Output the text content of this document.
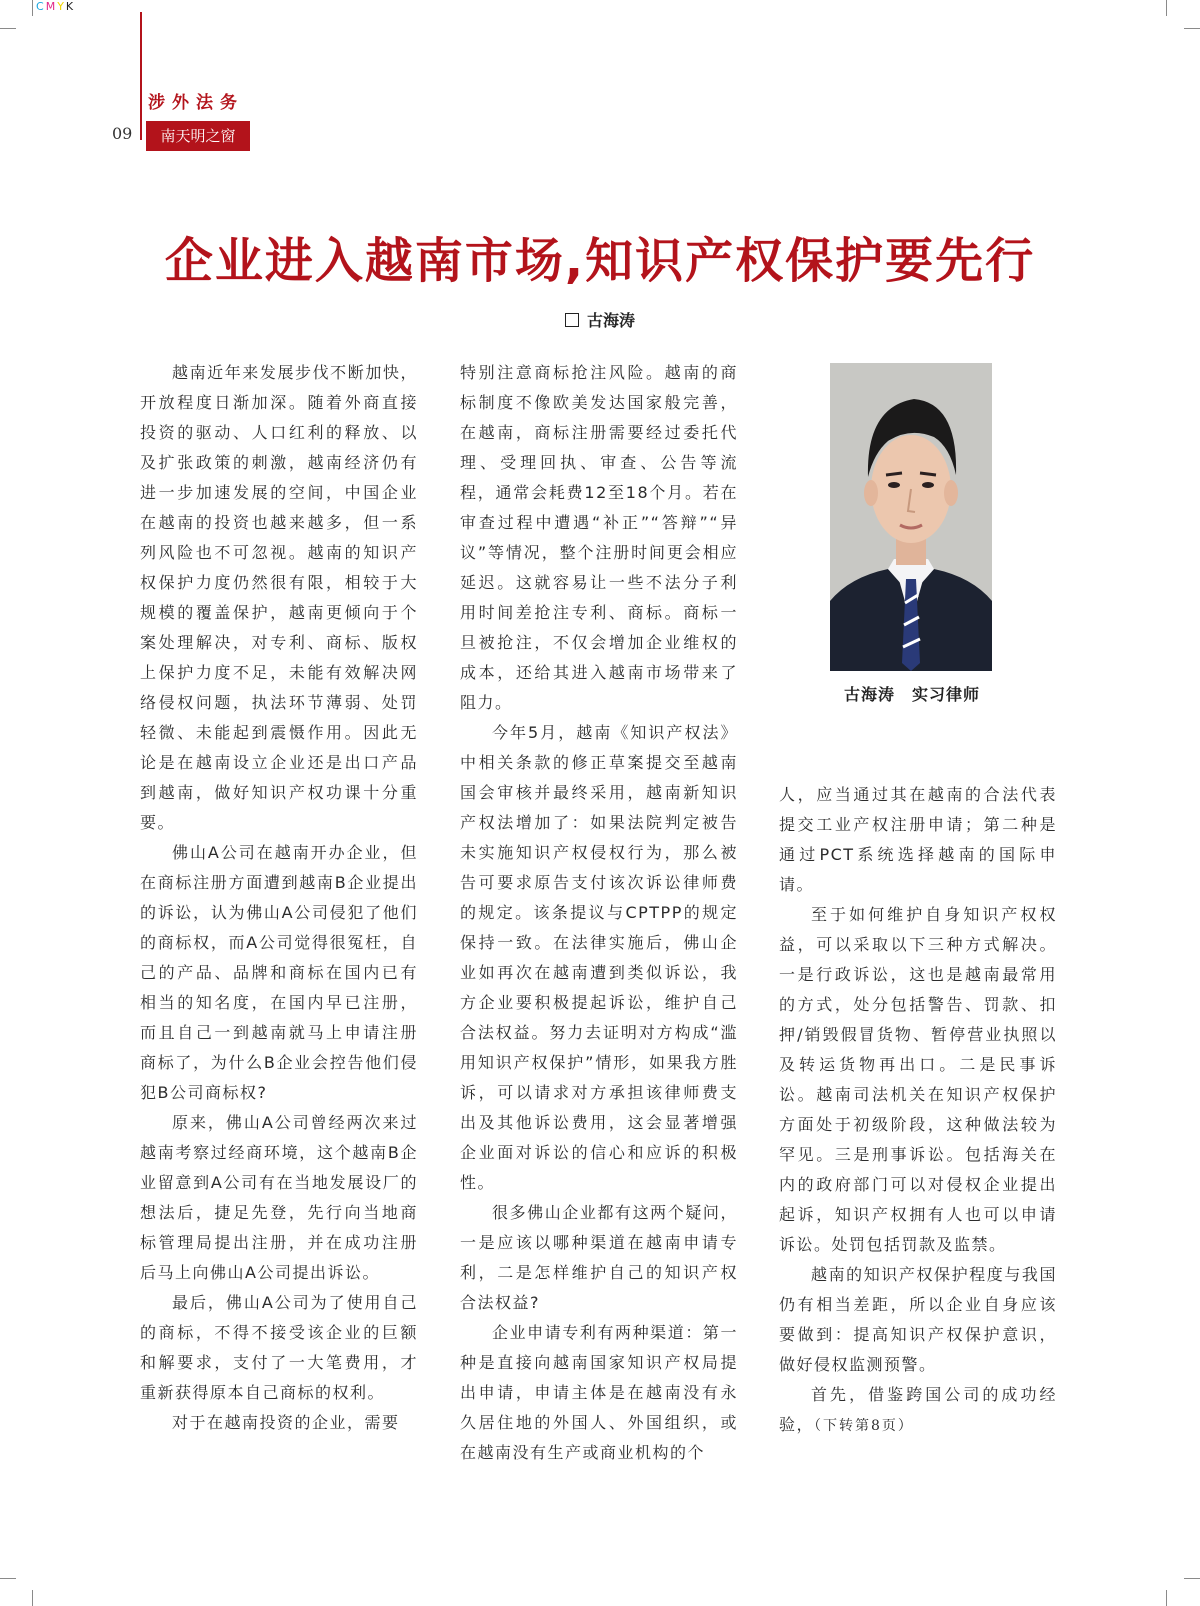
CMYK
涉外法务
09	南天明之窗
企业进入越南市场,知识产权保护要先行
古海涛

越南近年来发展步伐不断加快，开放程度日渐加深。随着外商直接投资的驱动、人口红利的释放、以及扩张政策的刺激，越南经济仍有进一步加速发展的空间，中国企业在越南的投资也越来越多，但一系列风险也不可忽视。越南的知识产权保护力度仍然很有限，相较于大规模的覆盖保护，越南更倾向于个案处理解决，对专利、商标、版权上保护力度不足，未能有效解决网络侵权问题，执法环节薄弱、处罚轻微、未能起到震慑作用。因此无论是在越南设立企业还是出口产品到越南，做好知识产权功课十分重要。

佛山A公司在越南开办企业，但在商标注册方面遭到越南B企业提出的诉讼，认为佛山A公司侵犯了他们的商标权，而A公司觉得很冤枉，自己的产品、品牌和商标在国内已有相当的知名度，在国内早已注册，而且自己一到越南就马上申请注册商标了，为什么B企业会控告他们侵犯B公司商标权?

原来，佛山A公司曾经两次来过越南考察过经商环境，这个越南B企业留意到A公司有在当地发展设厂的想法后，捷足先登，先行向当地商标管理局提出注册，并在成功注册后马上向佛山A公司提出诉讼。

最后，佛山A公司为了使用自己的商标，不得不接受该企业的巨额和解要求，支付了一大笔费用，才重新获得原本自己商标的权利。

对于在越南投资的企业，需要

特别注意商标抢注风险。越南的商标制度不像欧美发达国家般完善，在越南，商标注册需要经过委托代理、受理回执、审查、公告等流程，通常会耗费12至18个月。若在审查过程中遭遇“补正”“答辩”“异议”等情况，整个注册时间更会相应延迟。这就容易让一些不法分子利用时间差抢注专利、商标。商标一旦被抢注，不仅会增加企业维权的成本，还给其进入越南市场带来了阻力。

今年5月，越南《知识产权法》中相关条款的修正草案提交至越南国会审核并最终采用，越南新知识产权法增加了：如果法院判定被告未实施知识产权侵权行为，那么被告可要求原告支付该次诉讼律师费的规定。该条提议与CPTPP的规定保持一致。在法律实施后，佛山企业如再次在越南遭到类似诉讼，我方企业要积极提起诉讼，维护自己合法权益。努力去证明对方构成“滥用知识产权保护”情形，如果我方胜诉，可以请求对方承担该律师费支出及其他诉讼费用，这会显著增强企业面对诉讼的信心和应诉的积极性。

很多佛山企业都有这两个疑问，一是应该以哪种渠道在越南申请专利，二是怎样维护自己的知识产权合法权益?

企业申请专利有两种渠道：第一种是直接向越南国家知识产权局提出申请，申请主体是在越南没有永久居住地的外国人、外国组织，或在越南没有生产或商业机构的个

古海涛　实习律师

人，应当通过其在越南的合法代表提交工业产权注册申请；第二种是通过PCT系统选择越南的国际申请。

至于如何维护自身知识产权权益，可以采取以下三种方式解决。一是行政诉讼，这也是越南最常用的方式，处分包括警告、罚款、扣押/销毁假冒货物、暂停营业执照以及转运货物再出口。二是民事诉讼。越南司法机关在知识产权保护方面处于初级阶段，这种做法较为罕见。三是刑事诉讼。包括海关在内的政府部门可以对侵权企业提出起诉，知识产权拥有人也可以申请诉讼。处罚包括罚款及监禁。

越南的知识产权保护程度与我国仍有相当差距，所以企业自身应该要做到：提高知识产权保护意识，做好侵权监测预警。

首先，借鉴跨国公司的成功经验，（下转第8页）
